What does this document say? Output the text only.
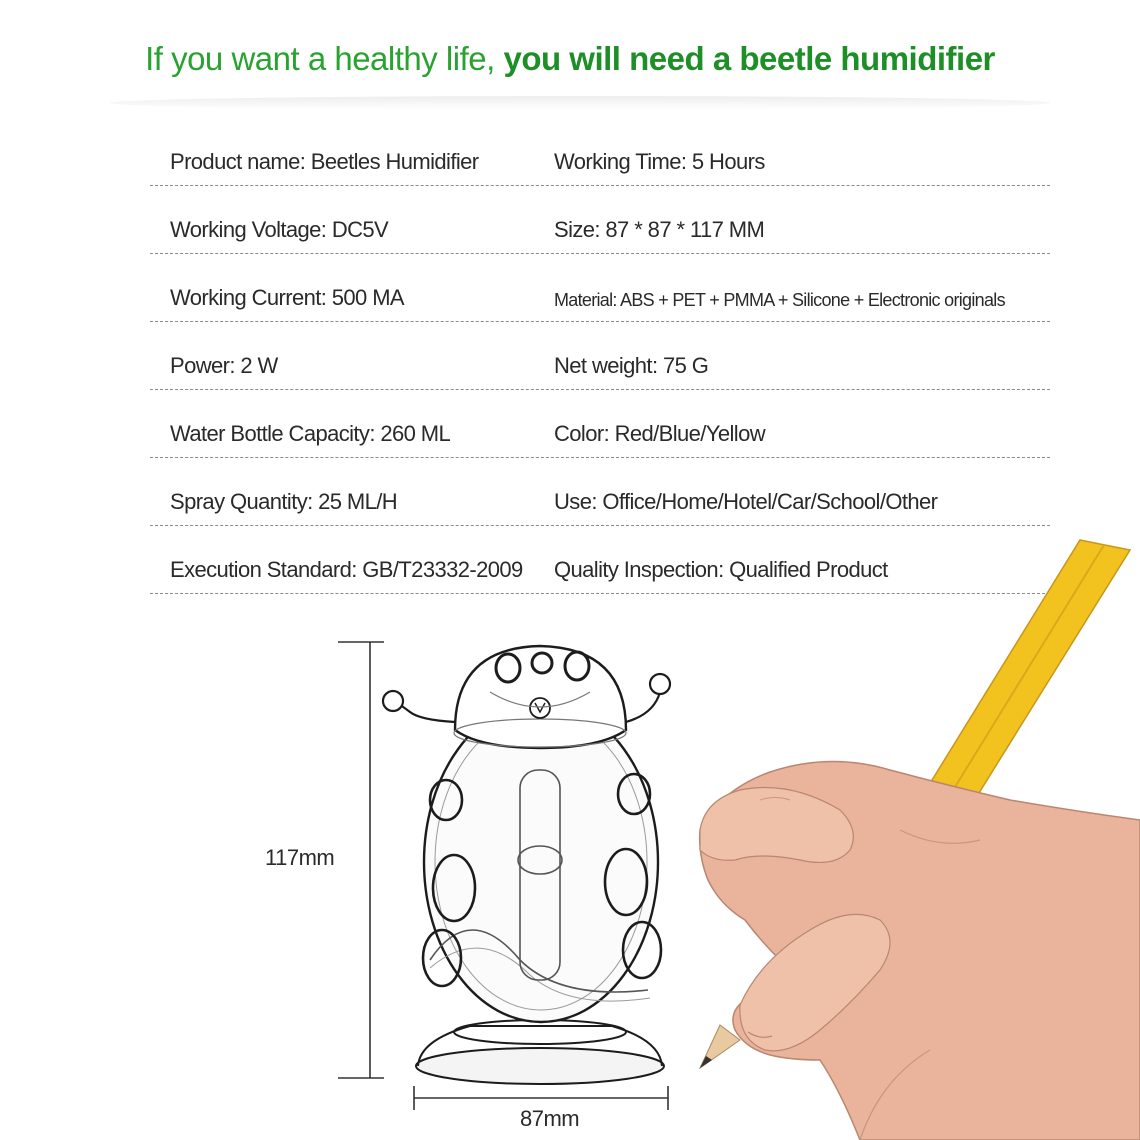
If you want a healthy life, you will need a beetle humidifier
Product name: Beetles Humidifier	Working Time: 5 Hours
Working Voltage: DC5V	Size: 87 * 87 * 117 MM
Working Current: 500 MA	Material: ABS + PET + PMMA + Silicone + Electronic originals
Power: 2 W	Net weight: 75 G
Water Bottle Capacity: 260 ML	Color: Red/Blue/Yellow
Spray Quantity: 25 ML/H	Use: Office/Home/Hotel/Car/School/Other
Execution Standard: GB/T23332-2009	Quality Inspection: Qualified Product
117mm
87mm
